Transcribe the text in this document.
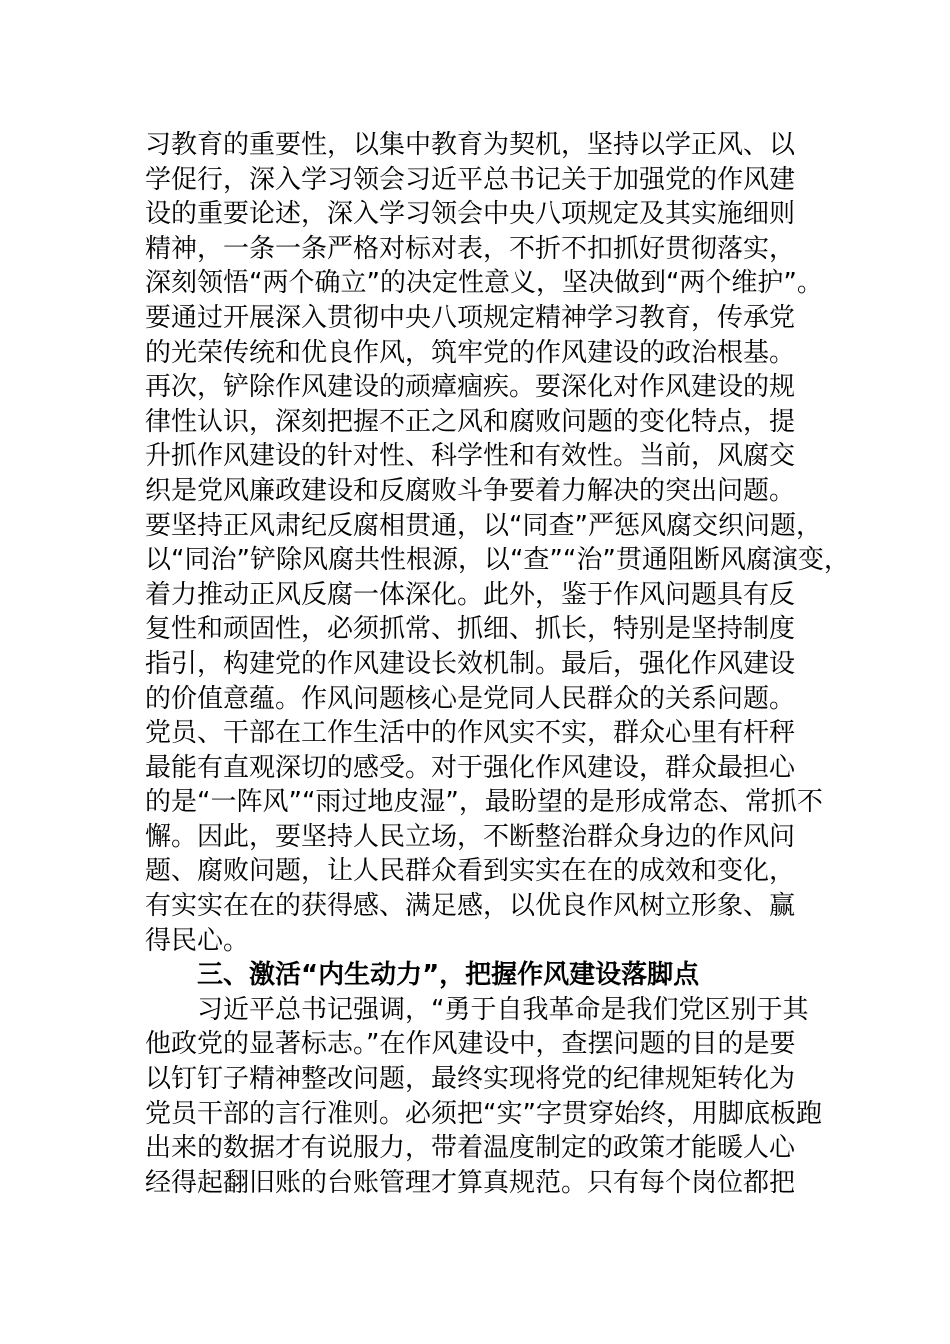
习教育的重要性，以集中教育为契机，坚持以学正风、以
学促行，深入学习领会习近平总书记关于加强党的作风建
设的重要论述，深入学习领会中央八项规定及其实施细则
精神，一条一条严格对标对表，不折不扣抓好贯彻落实，
深刻领悟“两个确立”的决定性意义，坚决做到“两个维护”。
要通过开展深入贯彻中央八项规定精神学习教育，传承党
的光荣传统和优良作风，筑牢党的作风建设的政治根基。
再次，铲除作风建设的顽瘴痼疾。要深化对作风建设的规
律性认识，深刻把握不正之风和腐败问题的变化特点，提
升抓作风建设的针对性、科学性和有效性。当前，风腐交
织是党风廉政建设和反腐败斗争要着力解决的突出问题。
要坚持正风肃纪反腐相贯通，以“同查”严惩风腐交织问题，
以“同治”铲除风腐共性根源，以“查”“治”贯通阻断风腐演变，
着力推动正风反腐一体深化。此外，鉴于作风问题具有反
复性和顽固性，必须抓常、抓细、抓长，特别是坚持制度
指引，构建党的作风建设长效机制。最后，强化作风建设
的价值意蕴。作风问题核心是党同人民群众的关系问题。
党员、干部在工作生活中的作风实不实，群众心里有杆秤
最能有直观深切的感受。对于强化作风建设，群众最担心
的是“一阵风”“雨过地皮湿”，最盼望的是形成常态、常抓不
懈。因此，要坚持人民立场，不断整治群众身边的作风问
题、腐败问题，让人民群众看到实实在在的成效和变化，
有实实在在的获得感、满足感，以优良作风树立形象、赢
得民心。
三、激活“内生动力”，把握作风建设落脚点
习近平总书记强调，“勇于自我革命是我们党区别于其
他政党的显著标志。”在作风建设中，查摆问题的目的是要
以钉钉子精神整改问题，最终实现将党的纪律规矩转化为
党员干部的言行准则。必须把“实”字贯穿始终，用脚底板跑
出来的数据才有说服力，带着温度制定的政策才能暖人心
经得起翻旧账的台账管理才算真规范。只有每个岗位都把
